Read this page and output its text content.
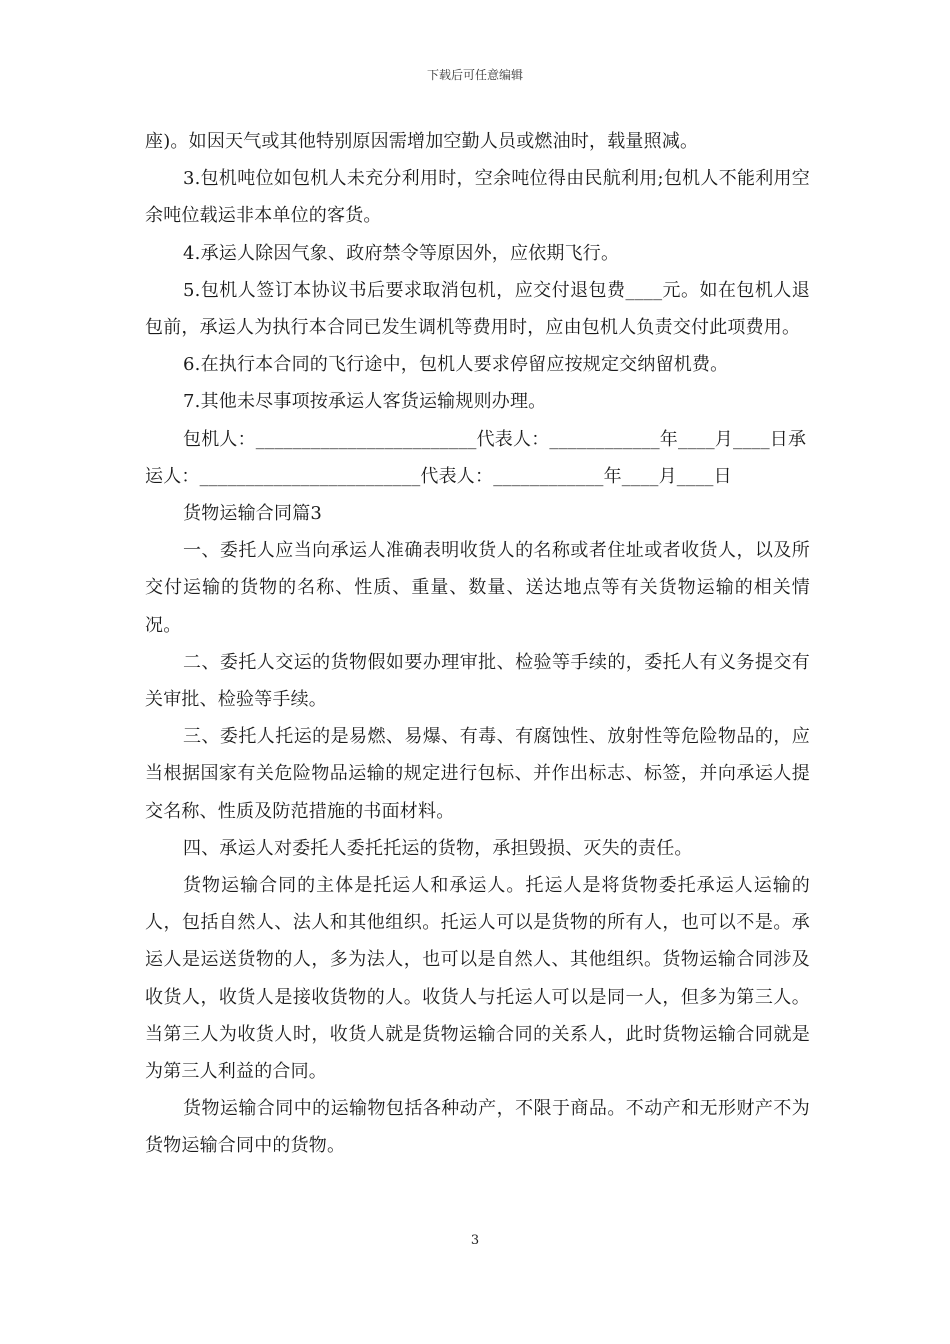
下载后可任意编辑

座)。如因天气或其他特别原因需增加空勤人员或燃油时，载量照减。

3.包机吨位如包机人未充分利用时，空余吨位得由民航利用;包机人不能利用空余吨位载运非本单位的客货。

4.承运人除因气象、政府禁令等原因外，应依期飞行。

5.包机人签订本协议书后要求取消包机，应交付退包费____元。如在包机人退包前，承运人为执行本合同已发生调机等费用时，应由包机人负责交付此项费用。

6.在执行本合同的飞行途中，包机人要求停留应按规定交纳留机费。

7.其他未尽事项按承运人客货运输规则办理。

包机人：________________________代表人：____________年____月____日承运人：________________________代表人：____________年____月____日

货物运输合同篇3

一、委托人应当向承运人准确表明收货人的名称或者住址或者收货人，以及所交付运输的货物的名称、性质、重量、数量、送达地点等有关货物运输的相关情况。

二、委托人交运的货物假如要办理审批、检验等手续的，委托人有义务提交有关审批、检验等手续。

三、委托人托运的是易燃、易爆、有毒、有腐蚀性、放射性等危险物品的，应当根据国家有关危险物品运输的规定进行包标、并作出标志、标签，并向承运人提交名称、性质及防范措施的书面材料。

四、承运人对委托人委托托运的货物，承担毁损、灭失的责任。

货物运输合同的主体是托运人和承运人。托运人是将货物委托承运人运输的人，包括自然人、法人和其他组织。托运人可以是货物的所有人，也可以不是。承运人是运送货物的人，多为法人，也可以是自然人、其他组织。货物运输合同涉及收货人，收货人是接收货物的人。收货人与托运人可以是同一人，但多为第三人。当第三人为收货人时，收货人就是货物运输合同的关系人，此时货物运输合同就是为第三人利益的合同。

货物运输合同中的运输物包括各种动产，不限于商品。不动产和无形财产不为货物运输合同中的货物。

3
